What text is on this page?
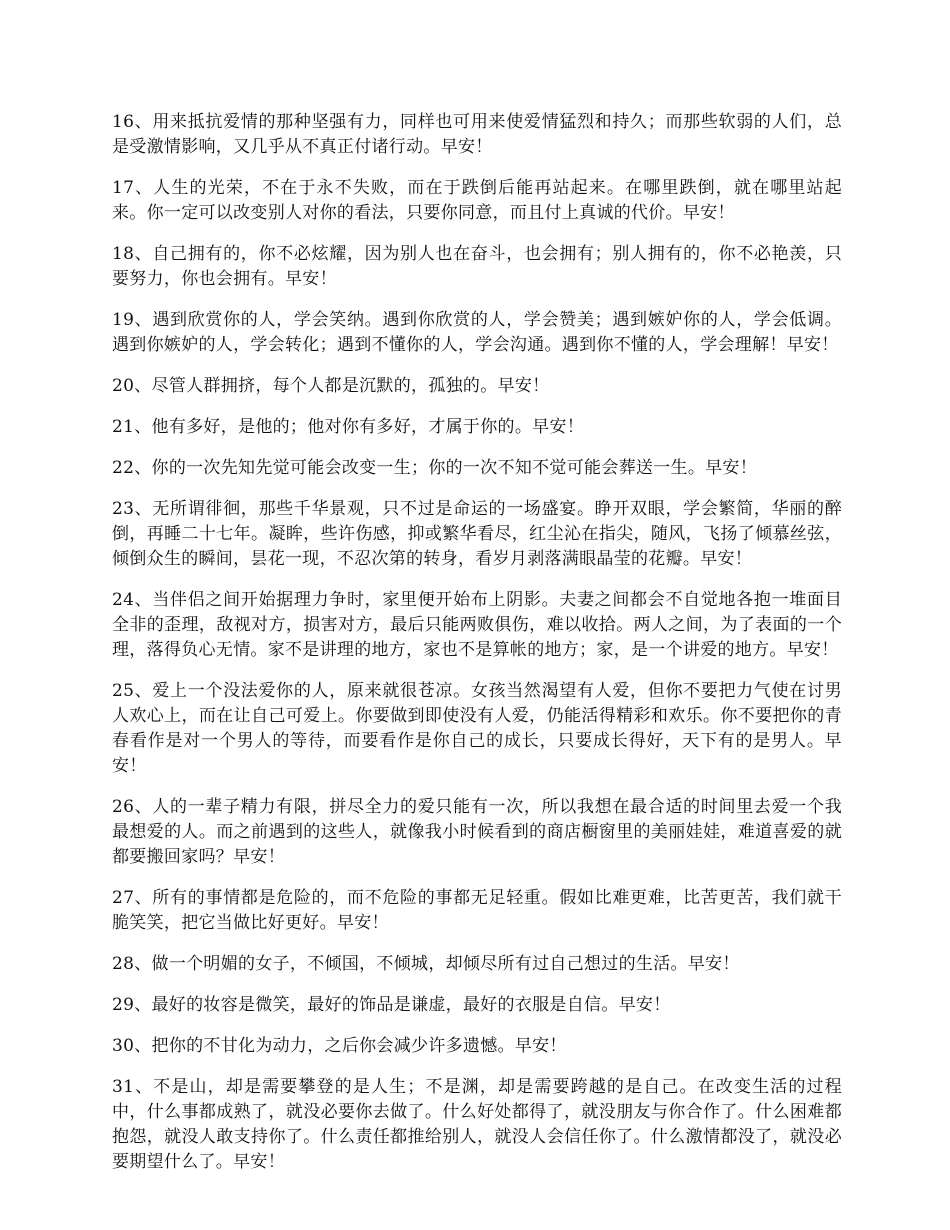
16、用来抵抗爱情的那种坚强有力，同样也可用来使爱情猛烈和持久；而那些软弱的人们，总是受激情影响，又几乎从不真正付诸行动。早安！

17、人生的光荣，不在于永不失败，而在于跌倒后能再站起来。在哪里跌倒，就在哪里站起来。你一定可以改变别人对你的看法，只要你同意，而且付上真诚的代价。早安！

18、自己拥有的，你不必炫耀，因为别人也在奋斗，也会拥有；别人拥有的，你不必艳羡，只要努力，你也会拥有。早安！

19、遇到欣赏你的人，学会笑纳。遇到你欣赏的人，学会赞美；遇到嫉妒你的人，学会低调。遇到你嫉妒的人，学会转化；遇到不懂你的人，学会沟通。遇到你不懂的人，学会理解！早安！

20、尽管人群拥挤，每个人都是沉默的，孤独的。早安！

21、他有多好，是他的；他对你有多好，才属于你的。早安！

22、你的一次先知先觉可能会改变一生；你的一次不知不觉可能会葬送一生。早安！

23、无所谓徘徊，那些千华景观，只不过是命运的一场盛宴。睁开双眼，学会繁简，华丽的醉倒，再睡二十七年。凝眸，些许伤感，抑或繁华看尽，红尘沁在指尖，随风，飞扬了倾慕丝弦，倾倒众生的瞬间，昙花一现，不忍次第的转身，看岁月剥落满眼晶莹的花瓣。早安！

24、当伴侣之间开始据理力争时，家里便开始布上阴影。夫妻之间都会不自觉地各抱一堆面目全非的歪理，敌视对方，损害对方，最后只能两败俱伤，难以收拾。两人之间，为了表面的一个理，落得负心无情。家不是讲理的地方，家也不是算帐的地方；家，是一个讲爱的地方。早安！

25、爱上一个没法爱你的人，原来就很苍凉。女孩当然渴望有人爱，但你不要把力气使在讨男人欢心上，而在让自己可爱上。你要做到即使没有人爱，仍能活得精彩和欢乐。你不要把你的青春看作是对一个男人的等待，而要看作是你自己的成长，只要成长得好，天下有的是男人。早安！

26、人的一辈子精力有限，拼尽全力的爱只能有一次，所以我想在最合适的时间里去爱一个我最想爱的人。而之前遇到的这些人，就像我小时候看到的商店橱窗里的美丽娃娃，难道喜爱的就都要搬回家吗？早安！

27、所有的事情都是危险的，而不危险的事都无足轻重。假如比难更难，比苦更苦，我们就干脆笑笑，把它当做比好更好。早安！

28、做一个明媚的女子，不倾国，不倾城，却倾尽所有过自己想过的生活。早安！

29、最好的妆容是微笑，最好的饰品是谦虚，最好的衣服是自信。早安！

30、把你的不甘化为动力，之后你会减少许多遗憾。早安！

31、不是山，却是需要攀登的是人生；不是渊，却是需要跨越的是自己。在改变生活的过程中，什么事都成熟了，就没必要你去做了。什么好处都得了，就没朋友与你合作了。什么困难都抱怨，就没人敢支持你了。什么责任都推给别人，就没人会信任你了。什么激情都没了，就没必要期望什么了。早安！
